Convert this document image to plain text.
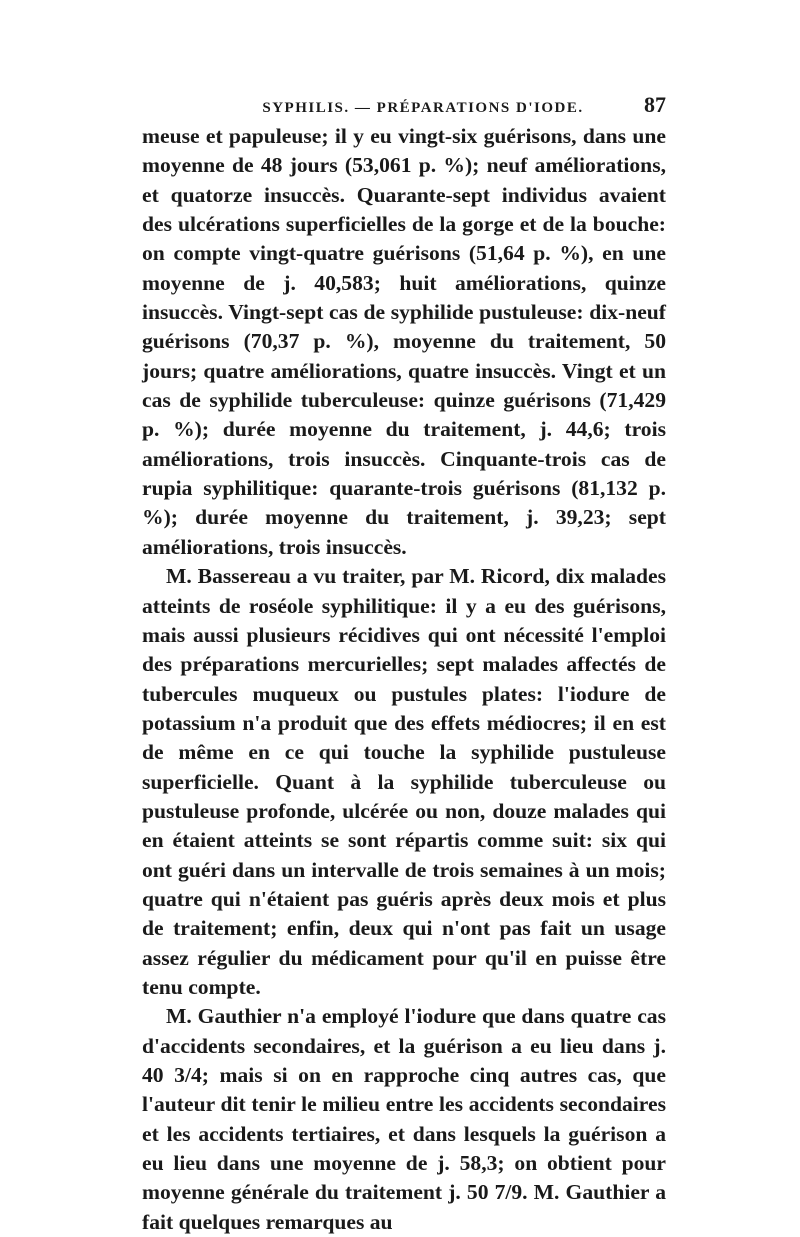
SYPHILIS. — PRÉPARATIONS D'IODE.	87

meuse et papuleuse; il y eu vingt-six guérisons, dans une moyenne de 48 jours (53,061 p. %); neuf améliorations, et quatorze insuccès. Quarante-sept individus avaient des ulcérations superficielles de la gorge et de la bouche: on compte vingt-quatre guérisons (51,64 p. %), en une moyenne de j. 40,583; huit améliorations, quinze insuccès. Vingt-sept cas de syphilide pustuleuse: dix-neuf guérisons (70,37 p. %), moyenne du traitement, 50 jours; quatre améliorations, quatre insuccès. Vingt et un cas de syphilide tuberculeuse: quinze guérisons (71,429 p. %); durée moyenne du traitement, j. 44,6; trois améliorations, trois insuccès. Cinquante-trois cas de rupia syphilitique: quarante-trois guérisons (81,132 p. %); durée moyenne du traitement, j. 39,23; sept améliorations, trois insuccès.

M. Bassereau a vu traiter, par M. Ricord, dix malades atteints de roséole syphilitique: il y a eu des guérisons, mais aussi plusieurs récidives qui ont nécessité l'emploi des préparations mercurielles; sept malades affectés de tubercules muqueux ou pustules plates: l'iodure de potassium n'a produit que des effets médiocres; il en est de même en ce qui touche la syphilide pustuleuse superficielle. Quant à la syphilide tuberculeuse ou pustuleuse profonde, ulcérée ou non, douze malades qui en étaient atteints se sont répartis comme suit: six qui ont guéri dans un intervalle de trois semaines à un mois; quatre qui n'étaient pas guéris après deux mois et plus de traitement; enfin, deux qui n'ont pas fait un usage assez régulier du médicament pour qu'il en puisse être tenu compte.

M. Gauthier n'a employé l'iodure que dans quatre cas d'accidents secondaires, et la guérison a eu lieu dans j. 40 3/4; mais si on en rapproche cinq autres cas, que l'auteur dit tenir le milieu entre les accidents secondaires et les accidents tertiaires, et dans lesquels la guérison a eu lieu dans une moyenne de j. 58,3; on obtient pour moyenne générale du traitement j. 50 7/9. M. Gauthier a fait quelques remarques au
